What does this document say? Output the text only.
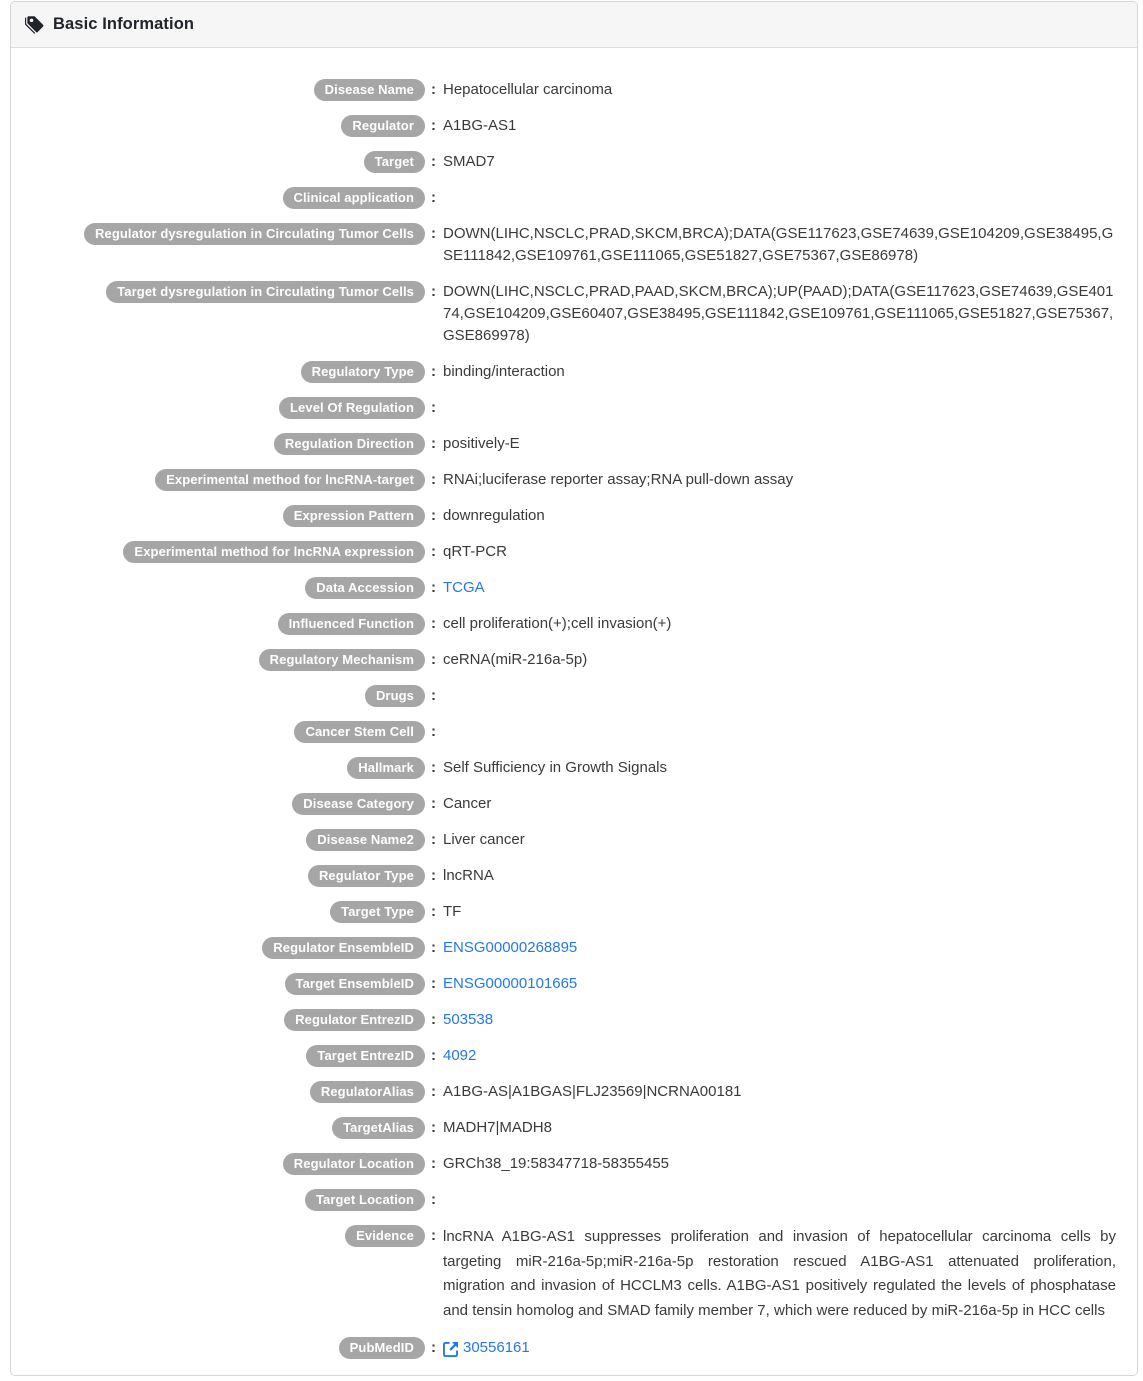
Basic Information
Disease Name	: Hepatocellular carcinoma
Regulator	: A1BG-AS1
Target	: SMAD7
Clinical application	:
Regulator dysregulation in Circulating Tumor Cells	: DOWN(LIHC,NSCLC,PRAD,SKCM,BRCA);DATA(GSE117623,GSE74639,GSE104209,GSE38495,GSE111842,GSE109761,GSE111065,GSE51827,GSE75367,GSE86978)
Target dysregulation in Circulating Tumor Cells	: DOWN(LIHC,NSCLC,PRAD,PAAD,SKCM,BRCA);UP(PAAD);DATA(GSE117623,GSE74639,GSE40174,GSE104209,GSE60407,GSE38495,GSE111842,GSE109761,GSE111065,GSE51827,GSE75367,GSE869978)
Regulatory Type	: binding/interaction
Level Of Regulation	:
Regulation Direction	: positively-E
Experimental method for lncRNA-target	: RNAi;luciferase reporter assay;RNA pull-down assay
Expression Pattern	: downregulation
Experimental method for lncRNA expression	: qRT-PCR
Data Accession	: TCGA
Influenced Function	: cell proliferation(+);cell invasion(+)
Regulatory Mechanism	: ceRNA(miR-216a-5p)
Drugs	:
Cancer Stem Cell	:
Hallmark	: Self Sufficiency in Growth Signals
Disease Category	: Cancer
Disease Name2	: Liver cancer
Regulator Type	: lncRNA
Target Type	: TF
Regulator EnsembleID	: ENSG00000268895
Target EnsembleID	: ENSG00000101665
Regulator EntrezID	: 503538
Target EntrezID	: 4092
RegulatorAlias	: A1BG-AS|A1BGAS|FLJ23569|NCRNA00181
TargetAlias	: MADH7|MADH8
Regulator Location	: GRCh38_19:58347718-58355455
Target Location	:
Evidence	: lncRNA A1BG-AS1 suppresses proliferation and invasion of hepatocellular carcinoma cells by targeting miR-216a-5p;miR-216a-5p restoration rescued A1BG-AS1 attenuated proliferation, migration and invasion of HCCLM3 cells. A1BG-AS1 positively regulated the levels of phosphatase and tensin homolog and SMAD family member 7, which were reduced by miR-216a-5p in HCC cells
PubMedID	: 30556161
